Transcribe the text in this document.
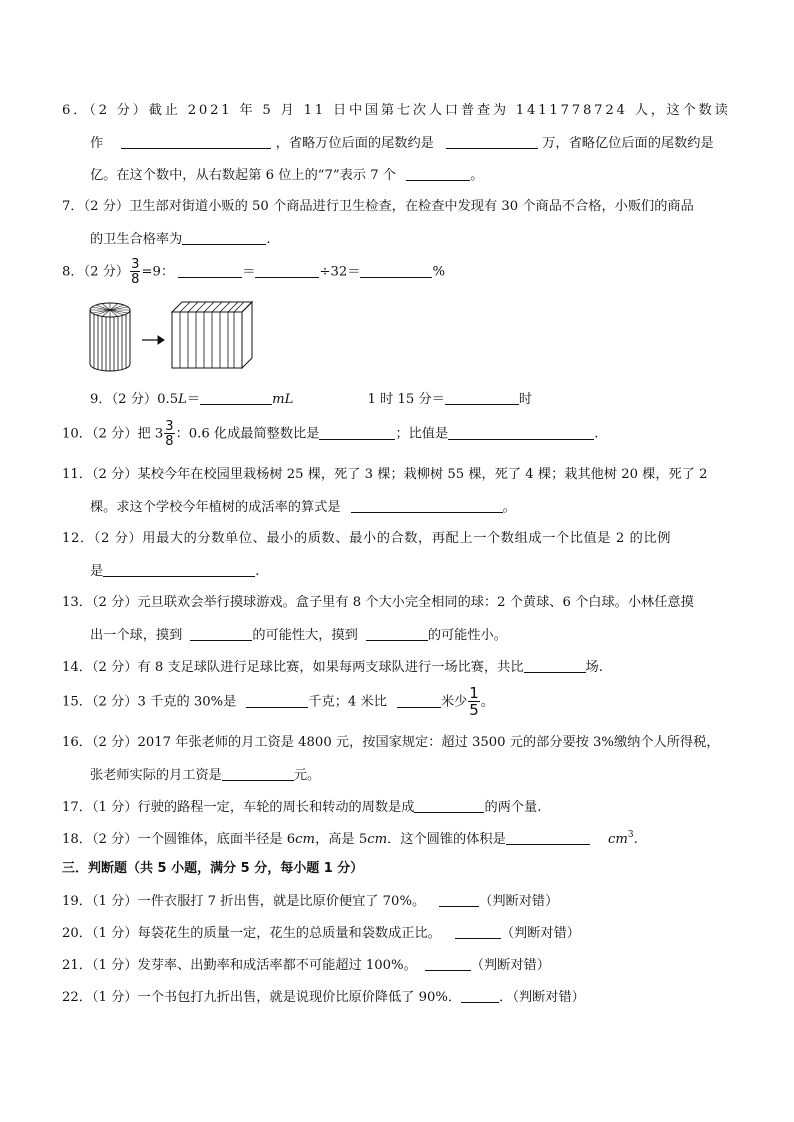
6．（2 分）截止 2021 年 5 月 11 日中国第七次人口普查为 1411778724 人，这个数读
作	，省略万位后面的尾数约是	万，省略亿位后面的尾数约是
亿。在这个数中，从右数起第 6 位上的“7”表示 7 个	。
7．（2 分）卫生部对街道小贩的 50 个商品进行卫生检查，在检查中发现有 30 个商品不合格，小贩们的商品
的卫生合格率为	.
8．（2 分） $\frac{3}{8} =9$：	＝	÷32＝	%
9．（2 分）0.5L＝	mL	1 时 15 分＝	时
10．（2 分）把 $3 \frac{3}{8}$ ：0.6 化成最简整数比是	；比值是	.
11．（2 分）某校今年在校园里栽杨树 25 棵，死了 3 棵；栽柳树 55 棵，死了 4 棵；栽其他树 20 棵，死了 2
棵。求这个学校今年植树的成活率的算式是	。
12．（2 分）用最大的分数单位、最小的质数、最小的合数，再配上一个数组成一个比值是 2 的比例
是	.
13．（2 分）元旦联欢会举行摸球游戏。盒子里有 8 个大小完全相同的球：2 个黄球、6 个白球。小林任意摸
出一个球，摸到	的可能性大，摸到	的可能性小。
14．（2 分）有 8 支足球队进行足球比赛，如果每两支球队进行一场比赛，共比	场.
15．（2 分）3 千克的 30%是	千克；4 米比	米少 $\frac{1}{5}$ 。
16．（2 分）2017 年张老师的月工资是 4800 元，按国家规定：超过 3500 元的部分要按 3%缴纳个人所得税，
张老师实际的月工资是	元。
17．（1 分）行驶的路程一定，车轮的周长和转动的周数是成	的两个量.
18．（2 分）一个圆锥体，底面半径是 6cm，高是 5cm．这个圆锥的体积是	$cm^3$.
三．判断题（共 5 小题，满分 5 分，每小题 1 分）
19．（1 分）一件衣服打 7 折出售，就是比原价便宜了 70%。	（判断对错）
20．（1 分）每袋花生的质量一定，花生的总质量和袋数成正比。	（判断对错）
21．（1 分）发芽率、出勤率和成活率都不可能超过 100%。	（判断对错）
22．（1 分）一个书包打九折出售，就是说现价比原价降低了 90%．	．（判断对错）
